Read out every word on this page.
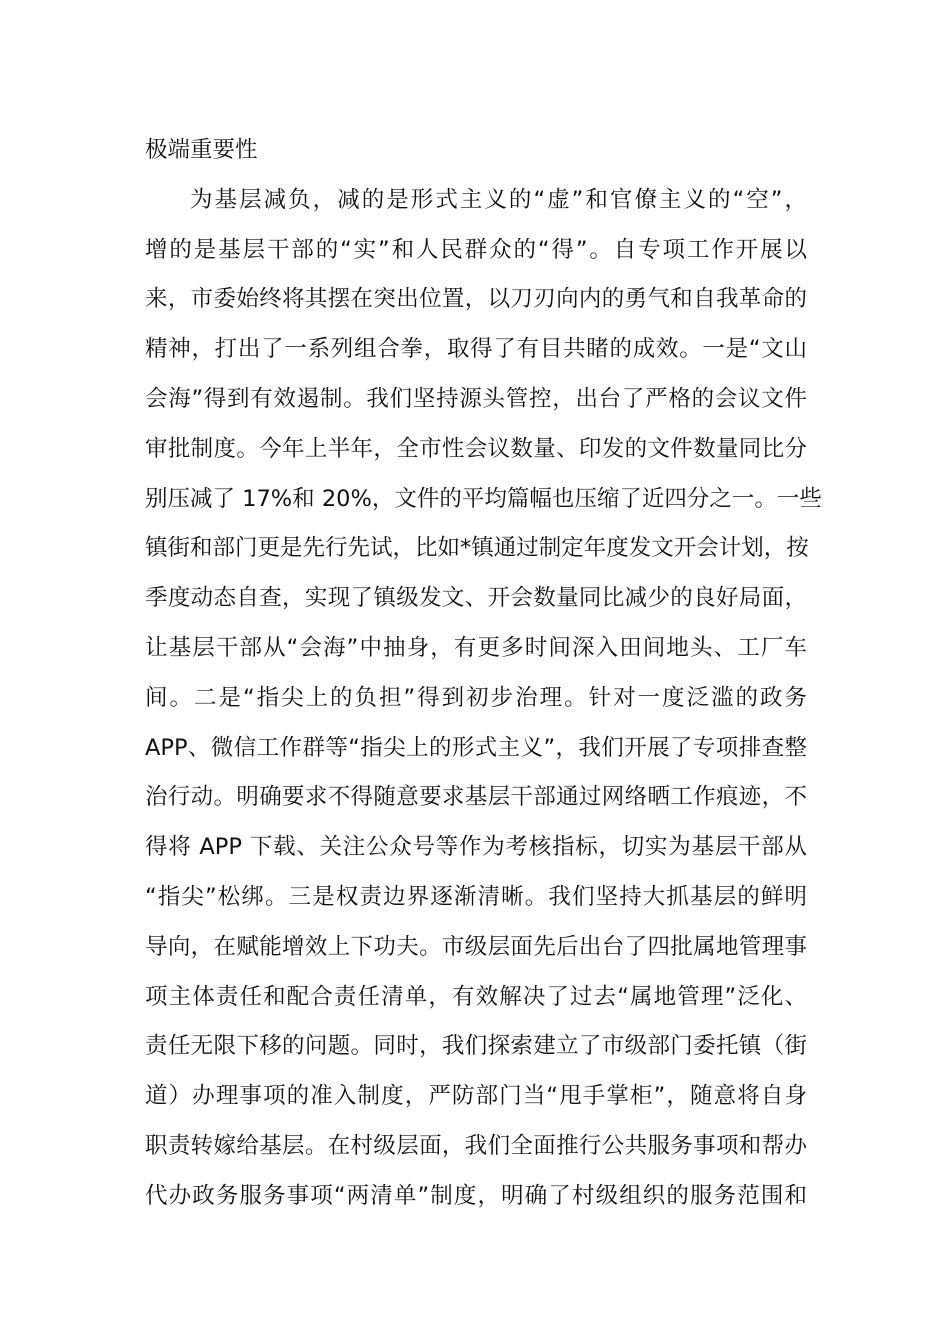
极端重要性
为基层减负，减的是形式主义的“虚”和官僚主义的“空”，
增的是基层干部的“实”和人民群众的“得”。自专项工作开展以
来，市委始终将其摆在突出位置，以刀刃向内的勇气和自我革命的
精神，打出了一系列组合拳，取得了有目共睹的成效。一是“文山
会海”得到有效遏制。我们坚持源头管控，出台了严格的会议文件
审批制度。今年上半年，全市性会议数量、印发的文件数量同比分
别压减了 17%和 20%，文件的平均篇幅也压缩了近四分之一。一些
镇街和部门更是先行先试，比如*镇通过制定年度发文开会计划，按
季度动态自查，实现了镇级发文、开会数量同比减少的良好局面，
让基层干部从“会海”中抽身，有更多时间深入田间地头、工厂车
间。二是“指尖上的负担”得到初步治理。针对一度泛滥的政务
APP、微信工作群等“指尖上的形式主义”，我们开展了专项排查整
治行动。明确要求不得随意要求基层干部通过网络晒工作痕迹，不
得将 APP 下载、关注公众号等作为考核指标，切实为基层干部从
“指尖”松绑。三是权责边界逐渐清晰。我们坚持大抓基层的鲜明
导向，在赋能增效上下功夫。市级层面先后出台了四批属地管理事
项主体责任和配合责任清单，有效解决了过去“属地管理”泛化、
责任无限下移的问题。同时，我们探索建立了市级部门委托镇（街
道）办理事项的准入制度，严防部门当“甩手掌柜”，随意将自身
职责转嫁给基层。在村级层面，我们全面推行公共服务事项和帮办
代办政务服务事项“两清单”制度，明确了村级组织的服务范围和
